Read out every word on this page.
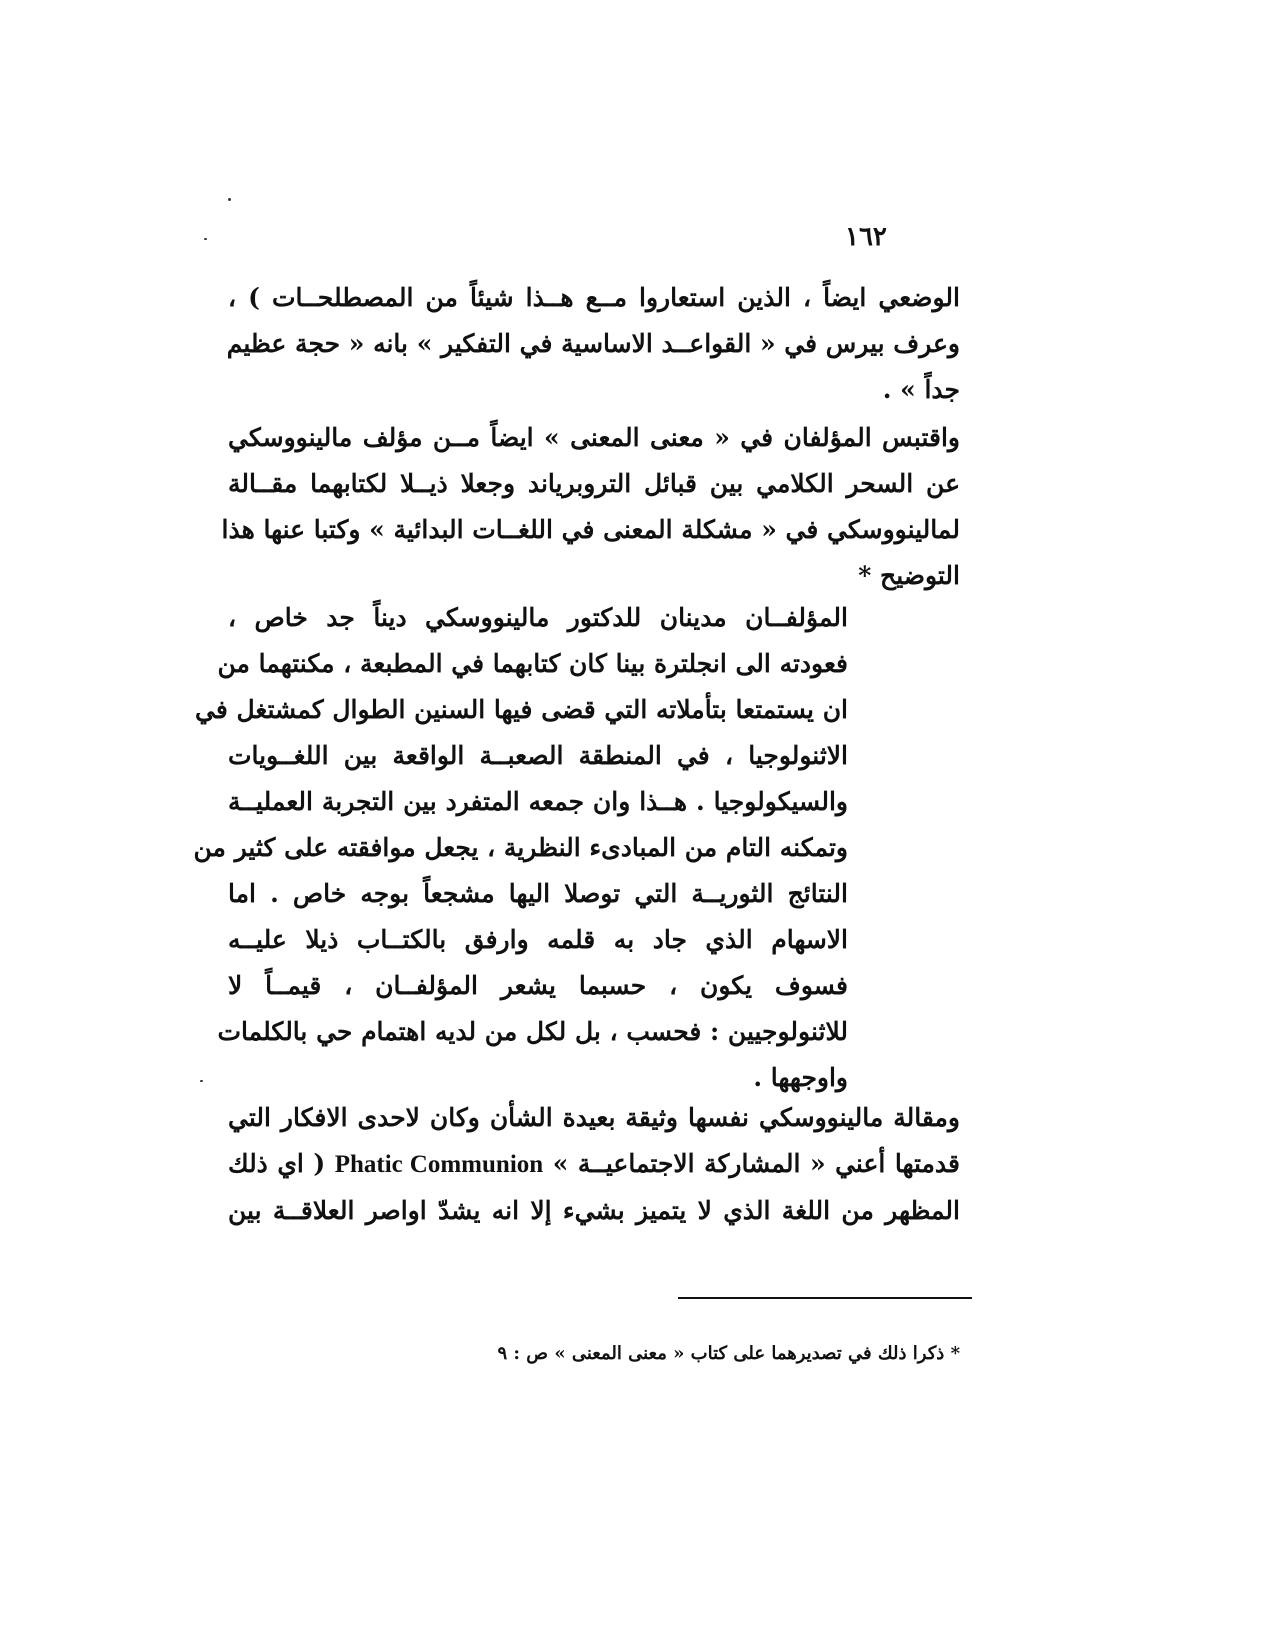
١٦٢
الوضعي ايضاً ، الذين استعاروا مــع هــذا شيئاً من المصطلحــات ) ،
وعرف بيرس في « القواعــد الاساسية في التفكير » بانه « حجة عظيم
جداً » .
واقتبس المؤلفان في « معنى المعنى » ايضاً مــن مؤلف مالينووسكي
عن السحر الكلامي بين قبائل التروبرياند وجعلا ذيــلا لكتابهما مقــالة
لمالينووسكي في « مشكلة المعنى في اللغــات البدائية » وكتبا عنها هذا
التوضيح *
المؤلفــان مدينان للدكتور مالينووسكي ديناً جد خاص ،
فعودته الى انجلترة بينا كان كتابهما في المطبعة ، مكنتهما من
ان يستمتعا بتأملاته التي قضى فيها السنين الطوال كمشتغل في
الاثنولوجيا ، في المنطقة الصعبــة الواقعة بين اللغــويات
والسيكولوجيا . هــذا وان جمعه المتفرد بين التجربة العمليــة
وتمكنه التام من المبادىء النظرية ، يجعل موافقته على كثير من
النتائج الثوريــة التي توصلا اليها مشجعاً بوجه خاص . اما
الاسهام الذي جاد به قلمه وارفق بالكتــاب ذيلا عليــه
فسوف يكون ، حسبما يشعر المؤلفــان ، قيمــاً لا
للاثنولوجيين : فحسب ، بل لكل من لديه اهتمام حي بالكلمات
واوجهها .
ومقالة مالينووسكي نفسها وثيقة بعيدة الشأن وكان لاحدى الافكار التي
قدمتها أعني « المشاركة الاجتماعيــة » Phatic Communion ( اي ذلك
المظهر من اللغة الذي لا يتميز بشيء إلا انه يشدّ اواصر العلاقــة بين
* ذكرا ذلك في تصديرهما على كتاب « معنى المعنى » ص : ٩
